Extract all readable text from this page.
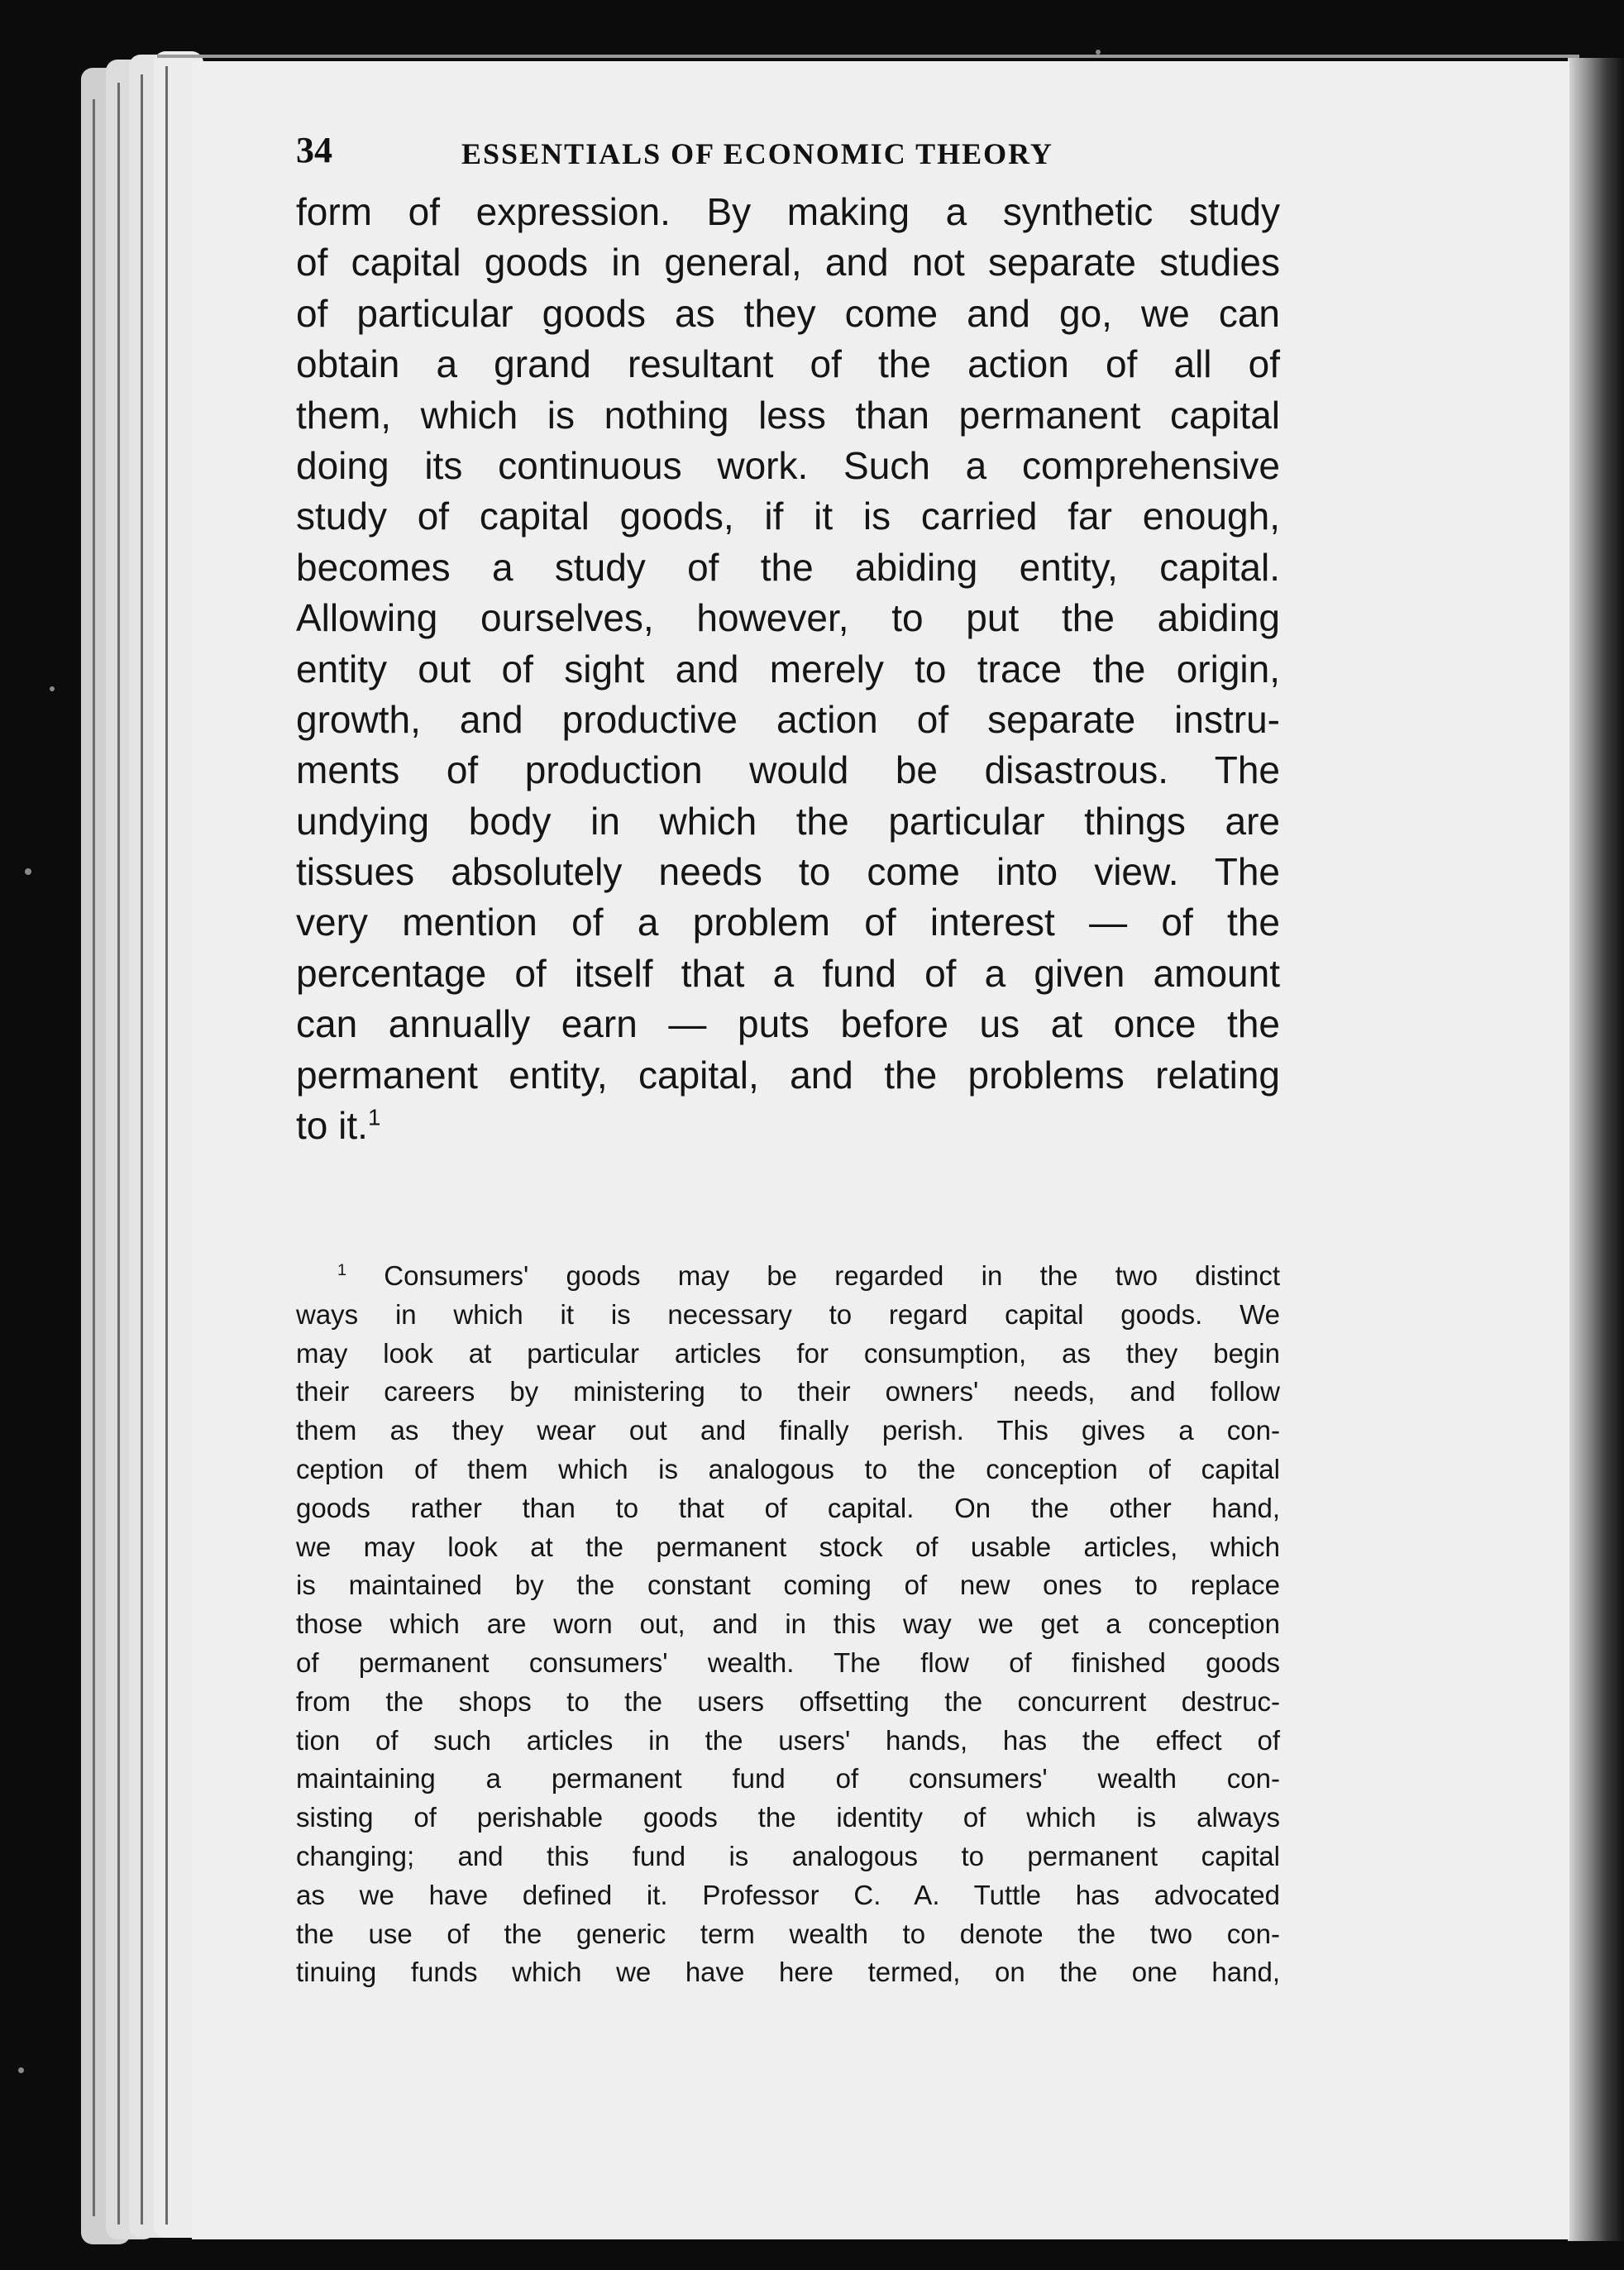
34	ESSENTIALS OF ECONOMIC THEORY
form of expression. By making a synthetic study
of capital goods in general, and not separate studies
of particular goods as they come and go, we can
obtain a grand resultant of the action of all of
them, which is nothing less than permanent capital
doing its continuous work. Such a comprehensive
study of capital goods, if it is carried far enough,
becomes a study of the abiding entity, capital.
Allowing ourselves, however, to put the abiding
entity out of sight and merely to trace the origin,
growth, and productive action of separate instru-
ments of production would be disastrous. The
undying body in which the particular things are
tissues absolutely needs to come into view. The
very mention of a problem of interest — of the
percentage of itself that a fund of a given amount
can annually earn — puts before us at once the
permanent entity, capital, and the problems relating
to it.$^1$
$^1$ Consumers' goods may be regarded in the two distinct
ways in which it is necessary to regard capital goods. We
may look at particular articles for consumption, as they begin
their careers by ministering to their owners' needs, and follow
them as they wear out and finally perish. This gives a con-
ception of them which is analogous to the conception of capital
goods rather than to that of capital. On the other hand,
we may look at the permanent stock of usable articles, which
is maintained by the constant coming of new ones to replace
those which are worn out, and in this way we get a conception
of permanent consumers' wealth. The flow of finished goods
from the shops to the users offsetting the concurrent destruc-
tion of such articles in the users' hands, has the effect of
maintaining a permanent fund of consumers' wealth con-
sisting of perishable goods the identity of which is always
changing; and this fund is analogous to permanent capital
as we have defined it. Professor C. A. Tuttle has advocated
the use of the generic term wealth to denote the two con-
tinuing funds which we have here termed, on the one hand,
